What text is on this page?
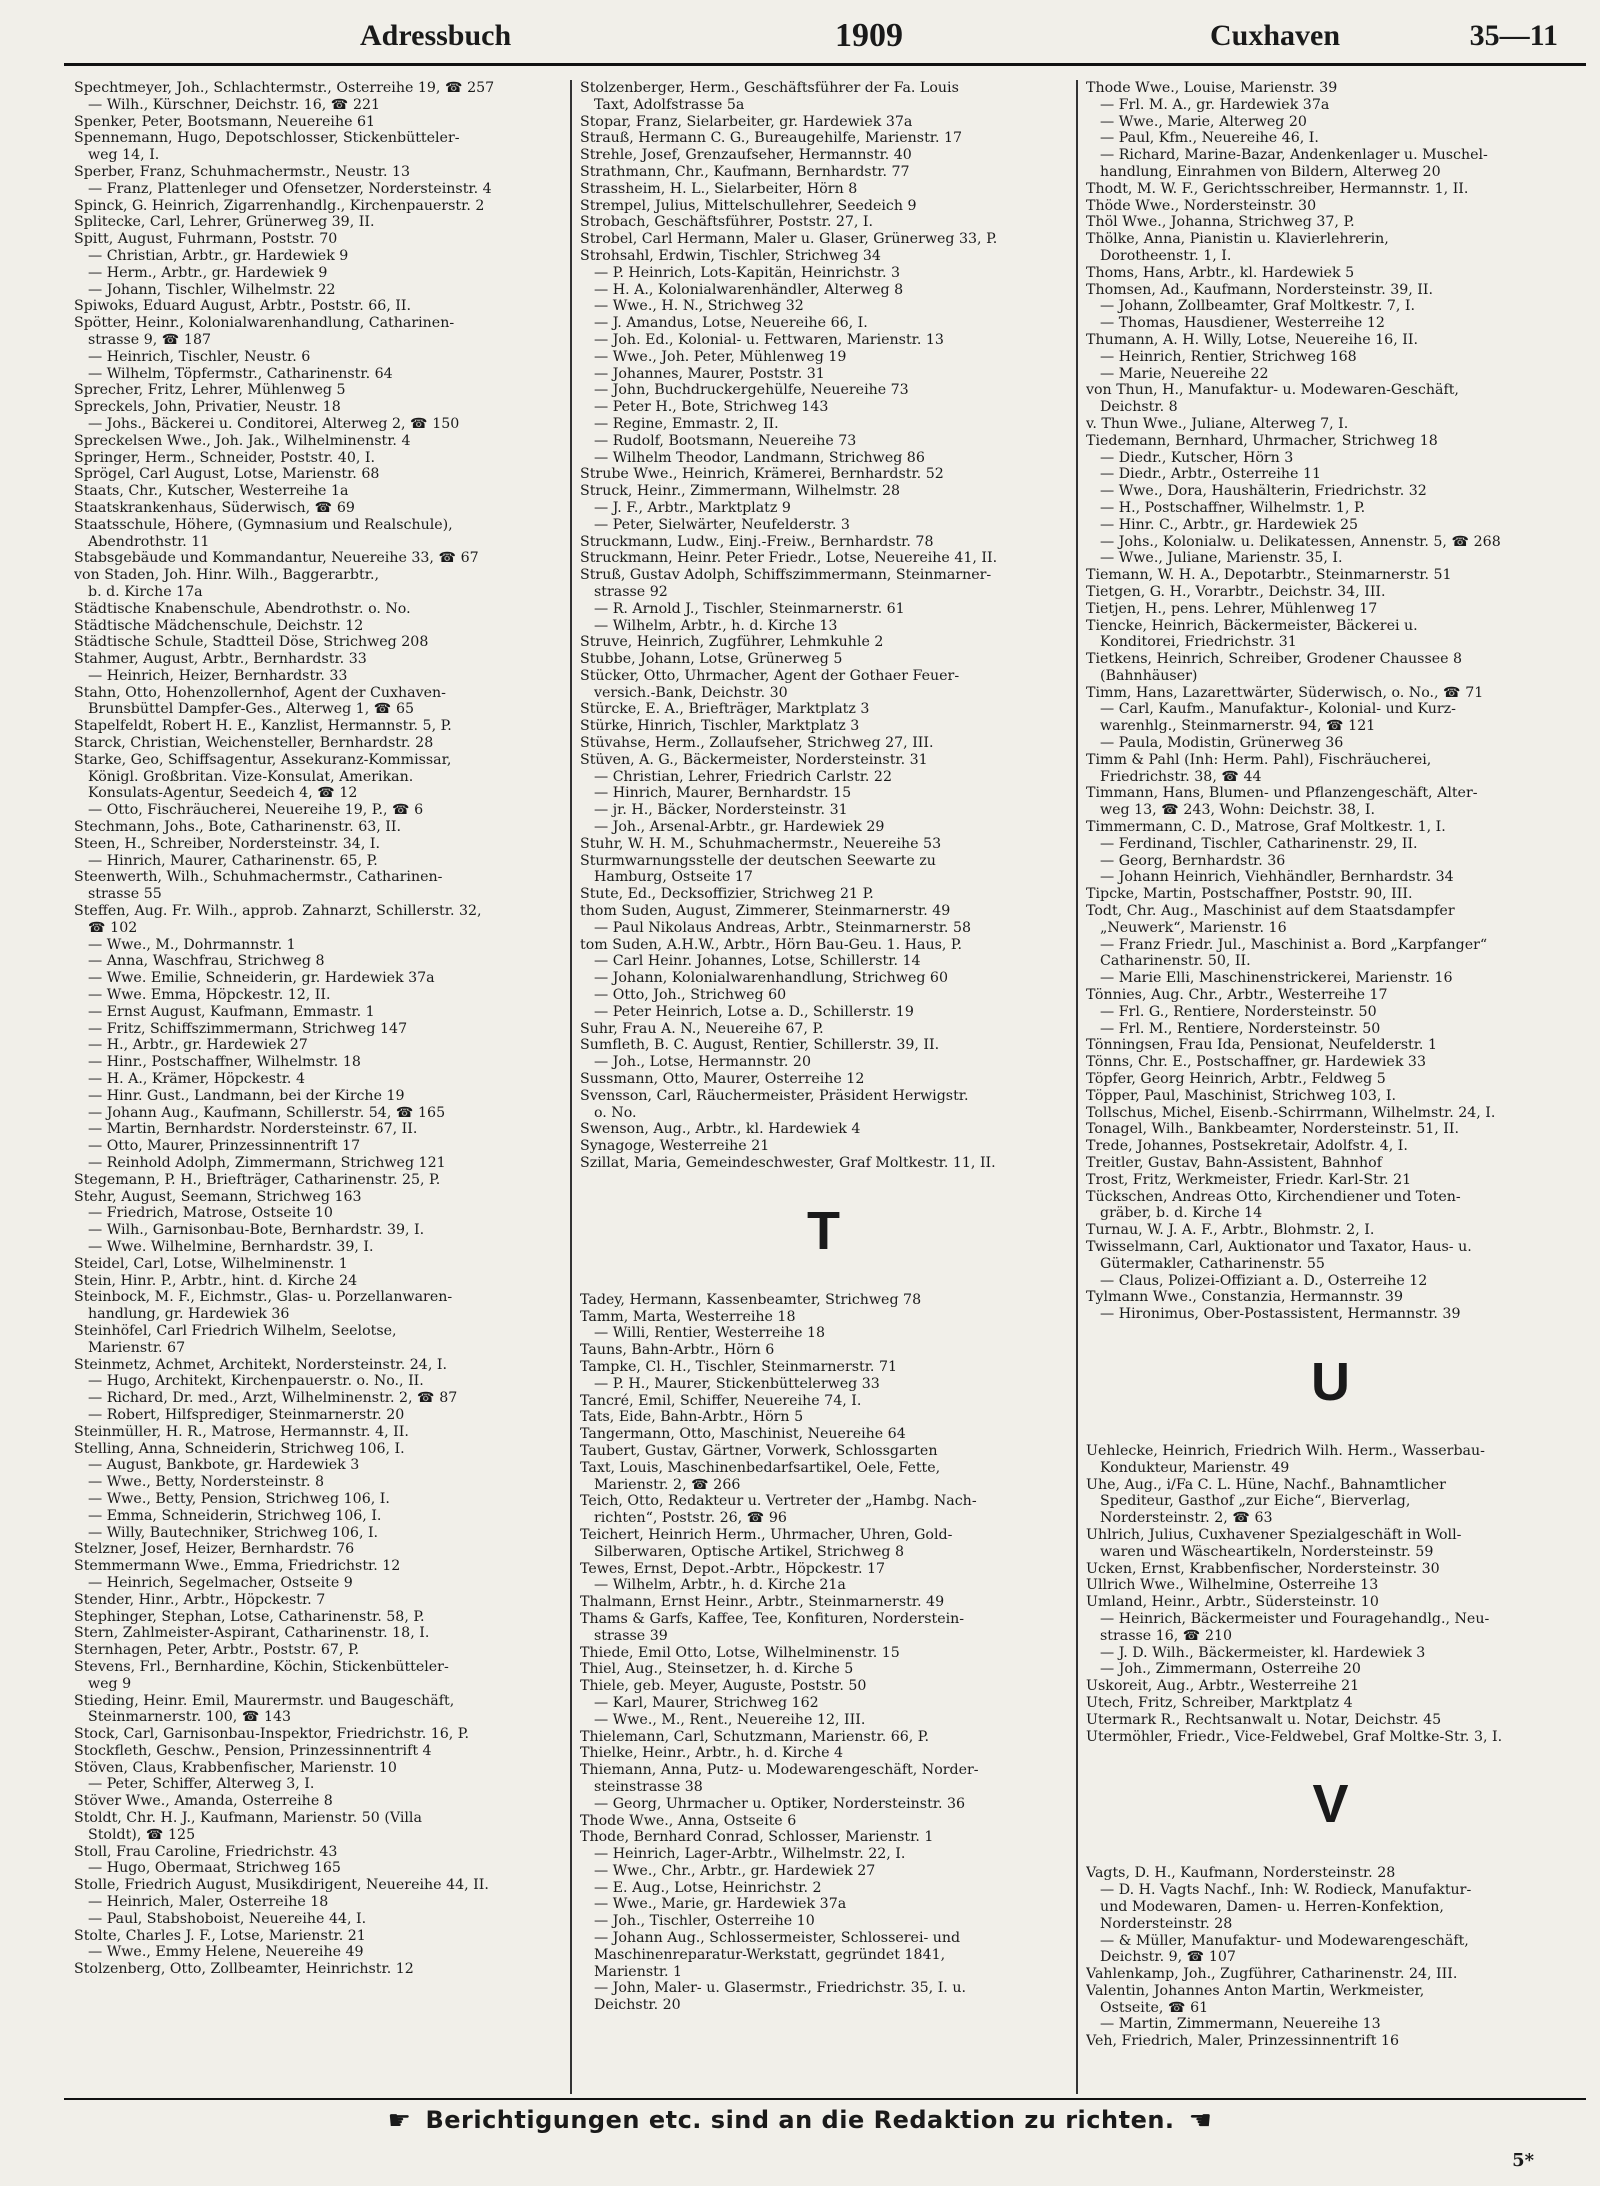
Adressbuch	1909	Cuxhaven	35—11
Spechtmeyer, Joh., Schlachtermstr., Osterreihe 19, ☎ 257
— Wilh., Kürschner, Deichstr. 16, ☎ 221
Spenker, Peter, Bootsmann, Neuereihe 61
Spennemann, Hugo, Depotschlosser, Stickenbütteler-
weg 14, I.
Sperber, Franz, Schuhmachermstr., Neustr. 13
— Franz, Plattenleger und Ofensetzer, Nordersteinstr. 4
Spinck, G. Heinrich, Zigarrenhandlg., Kirchenpauerstr. 2
Splitecke, Carl, Lehrer, Grünerweg 39, II.
Spitt, August, Fuhrmann, Poststr. 70
— Christian, Arbtr., gr. Hardewiek 9
— Herm., Arbtr., gr. Hardewiek 9
— Johann, Tischler, Wilhelmstr. 22
Spiwoks, Eduard August, Arbtr., Poststr. 66, II.
Spötter, Heinr., Kolonialwarenhandlung, Catharinen-
strasse 9, ☎ 187
— Heinrich, Tischler, Neustr. 6
— Wilhelm, Töpfermstr., Catharinenstr. 64
Sprecher, Fritz, Lehrer, Mühlenweg 5
Spreckels, John, Privatier, Neustr. 18
— Johs., Bäckerei u. Conditorei, Alterweg 2, ☎ 150
Spreckelsen Wwe., Joh. Jak., Wilhelminenstr. 4
Springer, Herm., Schneider, Poststr. 40, I.
Sprögel, Carl August, Lotse, Marienstr. 68
Staats, Chr., Kutscher, Westerreihe 1a
Staatskrankenhaus, Süderwisch, ☎ 69
Staatsschule, Höhere, (Gymnasium und Realschule),
Abendrothstr. 11
Stabsgebäude und Kommandantur, Neuereihe 33, ☎ 67
von Staden, Joh. Hinr. Wilh., Baggerarbtr.,
b. d. Kirche 17a
Städtische Knabenschule, Abendrothstr. o. No.
Städtische Mädchenschule, Deichstr. 12
Städtische Schule, Stadtteil Döse, Strichweg 208
Stahmer, August, Arbtr., Bernhardstr. 33
— Heinrich, Heizer, Bernhardstr. 33
Stahn, Otto, Hohenzollernhof, Agent der Cuxhaven-
Brunsbüttel Dampfer-Ges., Alterweg 1, ☎ 65
Stapelfeldt, Robert H. E., Kanzlist, Hermannstr. 5, P.
Starck, Christian, Weichensteller, Bernhardstr. 28
Starke, Geo, Schiffsagentur, Assekuranz-Kommissar,
Königl. Großbritan. Vize-Konsulat, Amerikan.
Konsulats-Agentur, Seedeich 4, ☎ 12
— Otto, Fischräucherei, Neuereihe 19, P., ☎ 6
Stechmann, Johs., Bote, Catharinenstr. 63, II.
Steen, H., Schreiber, Nordersteinstr. 34, I.
— Hinrich, Maurer, Catharinenstr. 65, P.
Steenwerth, Wilh., Schuhmachermstr., Catharinen-
strasse 55
Steffen, Aug. Fr. Wilh., approb. Zahnarzt, Schillerstr. 32,
☎ 102
— Wwe., M., Dohrmannstr. 1
— Anna, Waschfrau, Strichweg 8
— Wwe. Emilie, Schneiderin, gr. Hardewiek 37a
— Wwe. Emma, Höpckestr. 12, II.
— Ernst August, Kaufmann, Emmastr. 1
— Fritz, Schiffszimmermann, Strichweg 147
— H., Arbtr., gr. Hardewiek 27
— Hinr., Postschaffner, Wilhelmstr. 18
— H. A., Krämer, Höpckestr. 4
— Hinr. Gust., Landmann, bei der Kirche 19
— Johann Aug., Kaufmann, Schillerstr. 54, ☎ 165
— Martin, Bernhardstr. Nordersteinstr. 67, II.
— Otto, Maurer, Prinzessinnentrift 17
— Reinhold Adolph, Zimmermann, Strichweg 121
Stegemann, P. H., Briefträger, Catharinenstr. 25, P.
Stehr, August, Seemann, Strichweg 163
— Friedrich, Matrose, Ostseite 10
— Wilh., Garnisonbau-Bote, Bernhardstr. 39, I.
— Wwe. Wilhelmine, Bernhardstr. 39, I.
Steidel, Carl, Lotse, Wilhelminenstr. 1
Stein, Hinr. P., Arbtr., hint. d. Kirche 24
Steinbock, M. F., Eichmstr., Glas- u. Porzellanwaren-
handlung, gr. Hardewiek 36
Steinhöfel, Carl Friedrich Wilhelm, Seelotse,
Marienstr. 67
Steinmetz, Achmet, Architekt, Nordersteinstr. 24, I.
— Hugo, Architekt, Kirchenpauerstr. o. No., II.
— Richard, Dr. med., Arzt, Wilhelminenstr. 2, ☎ 87
— Robert, Hilfsprediger, Steinmarnerstr. 20
Steinmüller, H. R., Matrose, Hermannstr. 4, II.
Stelling, Anna, Schneiderin, Strichweg 106, I.
— August, Bankbote, gr. Hardewiek 3
— Wwe., Betty, Nordersteinstr. 8
— Wwe., Betty, Pension, Strichweg 106, I.
— Emma, Schneiderin, Strichweg 106, I.
— Willy, Bautechniker, Strichweg 106, I.
Stelzner, Josef, Heizer, Bernhardstr. 76
Stemmermann Wwe., Emma, Friedrichstr. 12
— Heinrich, Segelmacher, Ostseite 9
Stender, Hinr., Arbtr., Höpckestr. 7
Stephinger, Stephan, Lotse, Catharinenstr. 58, P.
Stern, Zahlmeister-Aspirant, Catharinenstr. 18, I.
Sternhagen, Peter, Arbtr., Poststr. 67, P.
Stevens, Frl., Bernhardine, Köchin, Stickenbütteler-
weg 9
Stieding, Heinr. Emil, Maurermstr. und Baugeschäft,
Steinmarnerstr. 100, ☎ 143
Stock, Carl, Garnisonbau-Inspektor, Friedrichstr. 16, P.
Stockfleth, Geschw., Pension, Prinzessinnentrift 4
Stöven, Claus, Krabbenfischer, Marienstr. 10
— Peter, Schiffer, Alterweg 3, I.
Stöver Wwe., Amanda, Osterreihe 8
Stoldt, Chr. H. J., Kaufmann, Marienstr. 50 (Villa
Stoldt), ☎ 125
Stoll, Frau Caroline, Friedrichstr. 43
— Hugo, Obermaat, Strichweg 165
Stolle, Friedrich August, Musikdirigent, Neuereihe 44, II.
— Heinrich, Maler, Osterreihe 18
— Paul, Stabshoboist, Neuereihe 44, I.
Stolte, Charles J. F., Lotse, Marienstr. 21
— Wwe., Emmy Helene, Neuereihe 49
Stolzenberg, Otto, Zollbeamter, Heinrichstr. 12
Stolzenberger, Herm., Geschäftsführer der Fa. Louis
Taxt, Adolfstrasse 5a
Stopar, Franz, Sielarbeiter, gr. Hardewiek 37a
Strauß, Hermann C. G., Bureaugehilfe, Marienstr. 17
Strehle, Josef, Grenzaufseher, Hermannstr. 40
Strathmann, Chr., Kaufmann, Bernhardstr. 77
Strassheim, H. L., Sielarbeiter, Hörn 8
Strempel, Julius, Mittelschullehrer, Seedeich 9
Strobach, Geschäftsführer, Poststr. 27, I.
Strobel, Carl Hermann, Maler u. Glaser, Grünerweg 33, P.
Strohsahl, Erdwin, Tischler, Strichweg 34
— P. Heinrich, Lots-Kapitän, Heinrichstr. 3
— H. A., Kolonialwarenhändler, Alterweg 8
— Wwe., H. N., Strichweg 32
— J. Amandus, Lotse, Neuereihe 66, I.
— Joh. Ed., Kolonial- u. Fettwaren, Marienstr. 13
— Wwe., Joh. Peter, Mühlenweg 19
— Johannes, Maurer, Poststr. 31
— John, Buchdruckergehülfe, Neuereihe 73
— Peter H., Bote, Strichweg 143
— Regine, Emmastr. 2, II.
— Rudolf, Bootsmann, Neuereihe 73
— Wilhelm Theodor, Landmann, Strichweg 86
Strube Wwe., Heinrich, Krämerei, Bernhardstr. 52
Struck, Heinr., Zimmermann, Wilhelmstr. 28
— J. F., Arbtr., Marktplatz 9
— Peter, Sielwärter, Neufelderstr. 3
Struckmann, Ludw., Einj.-Freiw., Bernhardstr. 78
Struckmann, Heinr. Peter Friedr., Lotse, Neuereihe 41, II.
Struß, Gustav Adolph, Schiffszimmermann, Steinmarner-
strasse 92
— R. Arnold J., Tischler, Steinmarnerstr. 61
— Wilhelm, Arbtr., h. d. Kirche 13
Struve, Heinrich, Zugführer, Lehmkuhle 2
Stubbe, Johann, Lotse, Grünerweg 5
Stücker, Otto, Uhrmacher, Agent der Gothaer Feuer-
versich.-Bank, Deichstr. 30
Stürcke, E. A., Briefträger, Marktplatz 3
Stürke, Hinrich, Tischler, Marktplatz 3
Stüvahse, Herm., Zollaufseher, Strichweg 27, III.
Stüven, A. G., Bäckermeister, Nordersteinstr. 31
— Christian, Lehrer, Friedrich Carlstr. 22
— Hinrich, Maurer, Bernhardstr. 15
— jr. H., Bäcker, Nordersteinstr. 31
— Joh., Arsenal-Arbtr., gr. Hardewiek 29
Stuhr, W. H. M., Schuhmachermstr., Neuereihe 53
Sturmwarnungsstelle der deutschen Seewarte zu
Hamburg, Ostseite 17
Stute, Ed., Decksoffizier, Strichweg 21 P.
thom Suden, August, Zimmerer, Steinmarnerstr. 49
— Paul Nikolaus Andreas, Arbtr., Steinmarnerstr. 58
tom Suden, A.H.W., Arbtr., Hörn Bau-Geu. 1. Haus, P.
— Carl Heinr. Johannes, Lotse, Schillerstr. 14
— Johann, Kolonialwarenhandlung, Strichweg 60
— Otto, Joh., Strichweg 60
— Peter Heinrich, Lotse a. D., Schillerstr. 19
Suhr, Frau A. N., Neuereihe 67, P.
Sumfleth, B. C. August, Rentier, Schillerstr. 39, II.
— Joh., Lotse, Hermannstr. 20
Sussmann, Otto, Maurer, Osterreihe 12
Svensson, Carl, Räuchermeister, Präsident Herwigstr.
o. No.
Swenson, Aug., Arbtr., kl. Hardewiek 4
Synagoge, Westerreihe 21
Szillat, Maria, Gemeindeschwester, Graf Moltkestr. 11, II.
T
Tadey, Hermann, Kassenbeamter, Strichweg 78
Tamm, Marta, Westerreihe 18
— Willi, Rentier, Westerreihe 18
Tauns, Bahn-Arbtr., Hörn 6
Tampke, Cl. H., Tischler, Steinmarnerstr. 71
— P. H., Maurer, Stickenbüttelerweg 33
Tancré, Emil, Schiffer, Neuereihe 74, I.
Tats, Eide, Bahn-Arbtr., Hörn 5
Tangermann, Otto, Maschinist, Neuereihe 64
Taubert, Gustav, Gärtner, Vorwerk, Schlossgarten
Taxt, Louis, Maschinenbedarfsartikel, Oele, Fette,
Marienstr. 2, ☎ 266
Teich, Otto, Redakteur u. Vertreter der „Hambg. Nach-
richten“, Poststr. 26, ☎ 96
Teichert, Heinrich Herm., Uhrmacher, Uhren, Gold-
Silberwaren, Optische Artikel, Strichweg 8
Tewes, Ernst, Depot.-Arbtr., Höpckestr. 17
— Wilhelm, Arbtr., h. d. Kirche 21a
Thalmann, Ernst Heinr., Arbtr., Steinmarnerstr. 49
Thams & Garfs, Kaffee, Tee, Konfituren, Norderstein-
strasse 39
Thiede, Emil Otto, Lotse, Wilhelminenstr. 15
Thiel, Aug., Steinsetzer, h. d. Kirche 5
Thiele, geb. Meyer, Auguste, Poststr. 50
— Karl, Maurer, Strichweg 162
— Wwe., M., Rent., Neuereihe 12, III.
Thielemann, Carl, Schutzmann, Marienstr. 66, P.
Thielke, Heinr., Arbtr., h. d. Kirche 4
Thiemann, Anna, Putz- u. Modewarengeschäft, Norder-
steinstrasse 38
— Georg, Uhrmacher u. Optiker, Nordersteinstr. 36
Thode Wwe., Anna, Ostseite 6
Thode, Bernhard Conrad, Schlosser, Marienstr. 1
— Heinrich, Lager-Arbtr., Wilhelmstr. 22, I.
— Wwe., Chr., Arbtr., gr. Hardewiek 27
— E. Aug., Lotse, Heinrichstr. 2
— Wwe., Marie, gr. Hardewiek 37a
— Joh., Tischler, Osterreihe 10
— Johann Aug., Schlossermeister, Schlosserei- und
Maschinenreparatur-Werkstatt, gegründet 1841,
Marienstr. 1
— John, Maler- u. Glasermstr., Friedrichstr. 35, I. u.
Deichstr. 20
Thode Wwe., Louise, Marienstr. 39
— Frl. M. A., gr. Hardewiek 37a
— Wwe., Marie, Alterweg 20
— Paul, Kfm., Neuereihe 46, I.
— Richard, Marine-Bazar, Andenkenlager u. Muschel-
handlung, Einrahmen von Bildern, Alterweg 20
Thodt, M. W. F., Gerichtsschreiber, Hermannstr. 1, II.
Thöde Wwe., Nordersteinstr. 30
Thöl Wwe., Johanna, Strichweg 37, P.
Thölke, Anna, Pianistin u. Klavierlehrerin,
Dorotheenstr. 1, I.
Thoms, Hans, Arbtr., kl. Hardewiek 5
Thomsen, Ad., Kaufmann, Nordersteinstr. 39, II.
— Johann, Zollbeamter, Graf Moltkestr. 7, I.
— Thomas, Hausdiener, Westerreihe 12
Thumann, A. H. Willy, Lotse, Neuereihe 16, II.
— Heinrich, Rentier, Strichweg 168
— Marie, Neuereihe 22
von Thun, H., Manufaktur- u. Modewaren-Geschäft,
Deichstr. 8
v. Thun Wwe., Juliane, Alterweg 7, I.
Tiedemann, Bernhard, Uhrmacher, Strichweg 18
— Diedr., Kutscher, Hörn 3
— Diedr., Arbtr., Osterreihe 11
— Wwe., Dora, Haushälterin, Friedrichstr. 32
— H., Postschaffner, Wilhelmstr. 1, P.
— Hinr. C., Arbtr., gr. Hardewiek 25
— Johs., Kolonialw. u. Delikatessen, Annenstr. 5, ☎ 268
— Wwe., Juliane, Marienstr. 35, I.
Tiemann, W. H. A., Depotarbtr., Steinmarnerstr. 51
Tietgen, G. H., Vorarbtr., Deichstr. 34, III.
Tietjen, H., pens. Lehrer, Mühlenweg 17
Tiencke, Heinrich, Bäckermeister, Bäckerei u.
Konditorei, Friedrichstr. 31
Tietkens, Heinrich, Schreiber, Grodener Chaussee 8
(Bahnhäuser)
Timm, Hans, Lazarettwärter, Süderwisch, o. No., ☎ 71
— Carl, Kaufm., Manufaktur-, Kolonial- und Kurz-
warenhlg., Steinmarnerstr. 94, ☎ 121
— Paula, Modistin, Grünerweg 36
Timm & Pahl (Inh: Herm. Pahl), Fischräucherei,
Friedrichstr. 38, ☎ 44
Timmann, Hans, Blumen- und Pflanzengeschäft, Alter-
weg 13, ☎ 243, Wohn: Deichstr. 38, I.
Timmermann, C. D., Matrose, Graf Moltkestr. 1, I.
— Ferdinand, Tischler, Catharinenstr. 29, II.
— Georg, Bernhardstr. 36
— Johann Heinrich, Viehhändler, Bernhardstr. 34
Tipcke, Martin, Postschaffner, Poststr. 90, III.
Todt, Chr. Aug., Maschinist auf dem Staatsdampfer
„Neuwerk“, Marienstr. 16
— Franz Friedr. Jul., Maschinist a. Bord „Karpfanger“
Catharinenstr. 50, II.
— Marie Elli, Maschinenstrickerei, Marienstr. 16
Tönnies, Aug. Chr., Arbtr., Westerreihe 17
— Frl. G., Rentiere, Nordersteinstr. 50
— Frl. M., Rentiere, Nordersteinstr. 50
Tönningsen, Frau Ida, Pensionat, Neufelderstr. 1
Tönns, Chr. E., Postschaffner, gr. Hardewiek 33
Töpfer, Georg Heinrich, Arbtr., Feldweg 5
Töpper, Paul, Maschinist, Strichweg 103, I.
Tollschus, Michel, Eisenb.-Schirrmann, Wilhelmstr. 24, I.
Tonagel, Wilh., Bankbeamter, Nordersteinstr. 51, II.
Trede, Johannes, Postsekretair, Adolfstr. 4, I.
Treitler, Gustav, Bahn-Assistent, Bahnhof
Trost, Fritz, Werkmeister, Friedr. Karl-Str. 21
Tückschen, Andreas Otto, Kirchendiener und Toten-
gräber, b. d. Kirche 14
Turnau, W. J. A. F., Arbtr., Blohmstr. 2, I.
Twisselmann, Carl, Auktionator und Taxator, Haus- u.
Gütermakler, Catharinenstr. 55
— Claus, Polizei-Offiziant a. D., Osterreihe 12
Tylmann Wwe., Constanzia, Hermannstr. 39
— Hironimus, Ober-Postassistent, Hermannstr. 39
U
Uehlecke, Heinrich, Friedrich Wilh. Herm., Wasserbau-
Kondukteur, Marienstr. 49
Uhe, Aug., i/Fa C. L. Hüne, Nachf., Bahnamtlicher
Spediteur, Gasthof „zur Eiche“, Bierverlag,
Nordersteinstr. 2, ☎ 63
Uhlrich, Julius, Cuxhavener Spezialgeschäft in Woll-
waren und Wäscheartikeln, Nordersteinstr. 59
Ucken, Ernst, Krabbenfischer, Nordersteinstr. 30
Ullrich Wwe., Wilhelmine, Osterreihe 13
Umland, Heinr., Arbtr., Südersteinstr. 10
— Heinrich, Bäckermeister und Fouragehandlg., Neu-
strasse 16, ☎ 210
— J. D. Wilh., Bäckermeister, kl. Hardewiek 3
— Joh., Zimmermann, Osterreihe 20
Uskoreit, Aug., Arbtr., Westerreihe 21
Utech, Fritz, Schreiber, Marktplatz 4
Utermark R., Rechtsanwalt u. Notar, Deichstr. 45
Utermöhler, Friedr., Vice-Feldwebel, Graf Moltke-Str. 3, I.
V
Vagts, D. H., Kaufmann, Nordersteinstr. 28
— D. H. Vagts Nachf., Inh: W. Rodieck, Manufaktur-
und Modewaren, Damen- u. Herren-Konfektion,
Nordersteinstr. 28
— & Müller, Manufaktur- und Modewarengeschäft,
Deichstr. 9, ☎ 107
Vahlenkamp, Joh., Zugführer, Catharinenstr. 24, III.
Valentin, Johannes Anton Martin, Werkmeister,
Ostseite, ☎ 61
— Martin, Zimmermann, Neuereihe 13
Veh, Friedrich, Maler, Prinzessinnentrift 16
☛ Berichtigungen etc. sind an die Redaktion zu richten. ☚
5*
